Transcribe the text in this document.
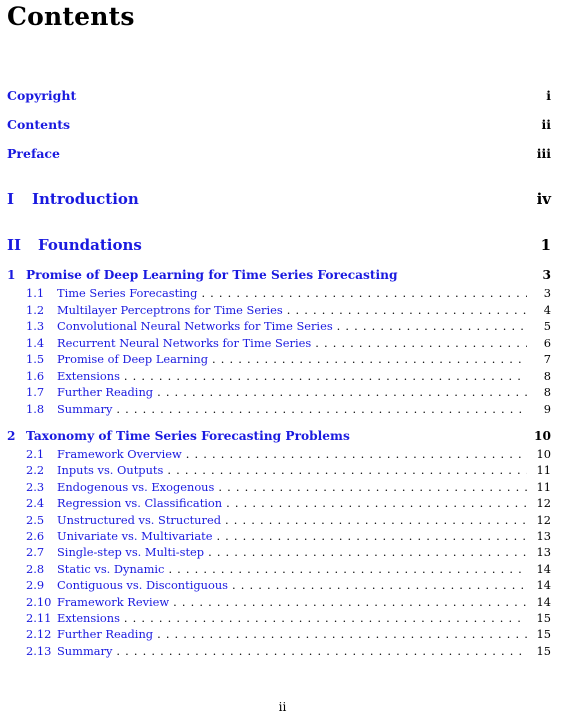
Contents
Copyright	i
Contents	ii
Preface	iii
I	Introduction	iv
II	Foundations	1
1 Promise of Deep Learning for Time Series Forecasting	3
1.1	Time Series Forecasting . . .	3
1.2	Multilayer Perceptrons for Time Series . . .	4
1.3	Convolutional Neural Networks for Time Series . . .	5
1.4	Recurrent Neural Networks for Time Series . . .	6
1.5	Promise of Deep Learning . . .	7
1.6	Extensions . . .	8
1.7	Further Reading . . .	8
1.8	Summary . . .	9
2 Taxonomy of Time Series Forecasting Problems	10
2.1	Framework Overview . . .	10
2.2	Inputs vs. Outputs . . .	11
2.3	Endogenous vs. Exogenous . . .	11
2.4	Regression vs. Classification . . .	12
2.5	Unstructured vs. Structured . . .	12
2.6	Univariate vs. Multivariate . . .	13
2.7	Single-step vs. Multi-step . . .	13
2.8	Static vs. Dynamic . . .	14
2.9	Contiguous vs. Discontiguous . . .	14
2.10 Framework Review . . .	14
2.11 Extensions . . .	15
2.12 Further Reading . . .	15
2.13 Summary . . .	15
ii
